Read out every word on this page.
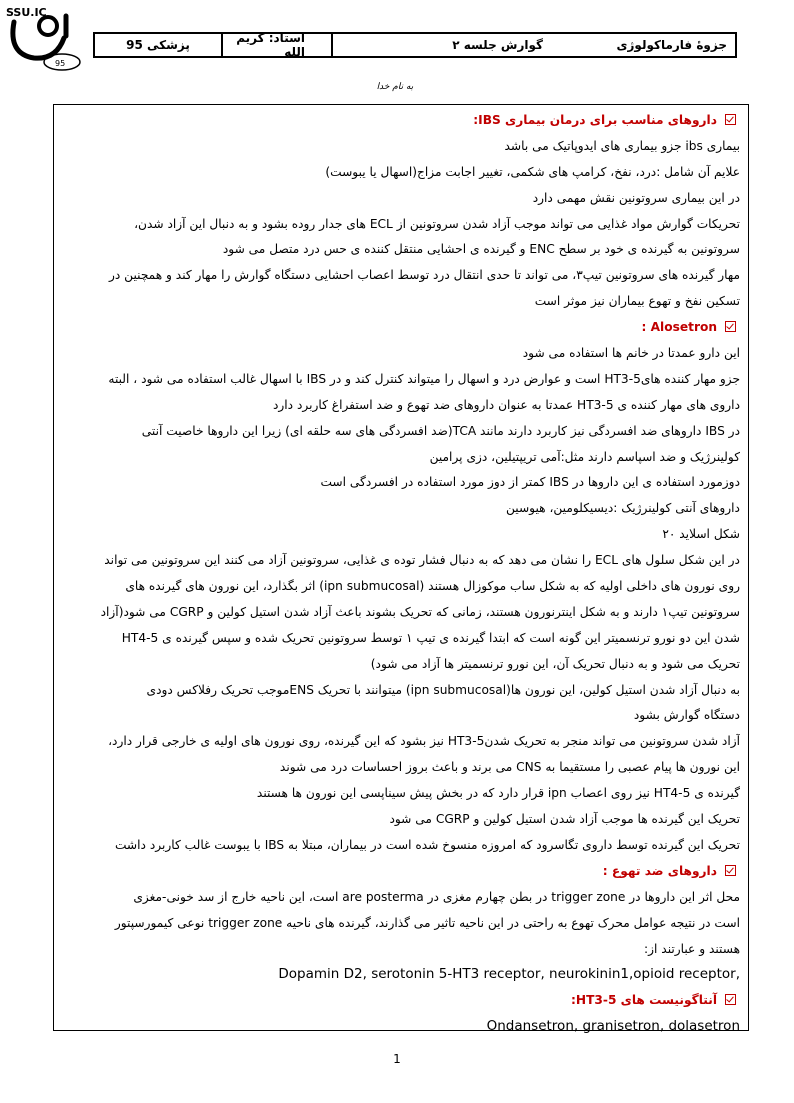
SSU.IC
95
جزوهٔ فارماکولوژی
گوارش جلسه ۲
استاد: کریم الله
پزشکی 95
به نام خدا
داروهای مناسب برای درمان بیماری IBS:
بیماری ibs جزو بیماری های ایدوپاتیک می باشد
علایم آن شامل :درد، نفخ، کرامپ های شکمی، تغییر اجابت مزاج(اسهال یا یبوست)
در این بیماری سروتونین نقش مهمی دارد
تحریکات گوارش مواد غذایی می تواند موجب آزاد شدن سروتونین از ECL های جدار روده بشود و به دنبال این آزاد شدن،
سروتونین به گیرنده ی خود بر سطح ENC و گیرنده ی احشایی منتقل کننده ی حس درد متصل می شود
مهار گیرنده های سروتونین تیپ۳، می تواند تا حدی انتقال درد توسط اعصاب احشایی دستگاه گوارش را مهار کند و همچنین در
تسکین نفخ و تهوع بیماران نیز موثر است
Alosetron :
این دارو عمدتا در خانم ها استفاده می شود
جزو مهار کننده های5-HT3 است و عوارض درد و اسهال را میتواند کنترل کند و در IBS با اسهال غالب استفاده می شود ، البته
داروی های مهار کننده ی 5-HT3 عمدتا به عنوان داروهای ضد تهوع و ضد استفراغ کاربرد دارد
در IBS داروهای ضد افسردگی نیز کاربرد دارند مانند TCA(ضد افسردگی های سه حلقه ای) زیرا این داروها خاصیت آنتی
کولینرژیک و ضد اسپاسم دارند مثل:آمی تریپتیلین، دزی پرامین
دوزمورد استفاده ی این داروها در IBS کمتر از دوز مورد استفاده در افسردگی است
داروهای آنتی کولینرژیک :دیسیکلومین، هیوسین
شکل اسلاید ۲۰
در این شکل سلول های ECL را نشان می دهد که به دنبال فشار توده ی غذایی، سروتونین آزاد می کنند این سروتونین می تواند
روی نورون های داخلی اولیه که به شکل ساب موکوزال هستند (ipn submucosal) اثر بگذارد، این نورون های گیرنده های
سروتونین تیپ۱ دارند و به شکل اینترنورون هستند، زمانی که تحریک بشوند باعث آزاد شدن استیل کولین و CGRP می شود(آزاد
شدن این دو نورو ترنسمیتر این گونه است که ابتدا گیرنده ی تیپ ۱ توسط سروتونین تحریک شده و سپس گیرنده ی 5-HT4
تحریک می شود و به دنبال تحریک آن، این نورو ترنسمیتر ها آزاد می شود)
به دنبال آزاد شدن استیل کولین، این نورون ها(ipn submucosal) میتوانند با تحریک ENSموجب تحریک رفلاکس دودی
دستگاه گوارش بشود
آزاد شدن سروتونین می تواند منجر به تحریک شدن5-HT3 نیز بشود که این گیرنده، روی نورون های اولیه ی خارجی قرار دارد،
این نورون ها پیام عصبی را مستقیما به CNS می برند و باعث بروز احساسات درد می شوند
گیرنده ی 5-HT4 نیز روی اعصاب ipn قرار دارد که در بخش پیش سیناپسی این نورون ها هستند
تحریک این گیرنده ها موجب آزاد شدن استیل کولین و CGRP می شود
تحریک این گیرنده توسط داروی تگاسرود که امروزه منسوخ شده است در بیماران، مبتلا به IBS با یبوست غالب کاربرد داشت
داروهای ضد تهوع :
محل اثر این داروها در trigger zone در بطن چهارم مغزی در are posterma است، این ناحیه خارج از سد خونی-مغزی
است در نتیجه عوامل محرک تهوع به راحتی در این ناحیه تاثیر می گذارند، گیرنده های ناحیه trigger zone نوعی کیمورسپتور
هستند و عبارتند از:
Dopamin D2, serotonin 5-HT3 receptor, neurokinin1,opioid receptor,
آنتاگونیست های 5-HT3:
Ondansetron, granisetron, dolasetron
1
